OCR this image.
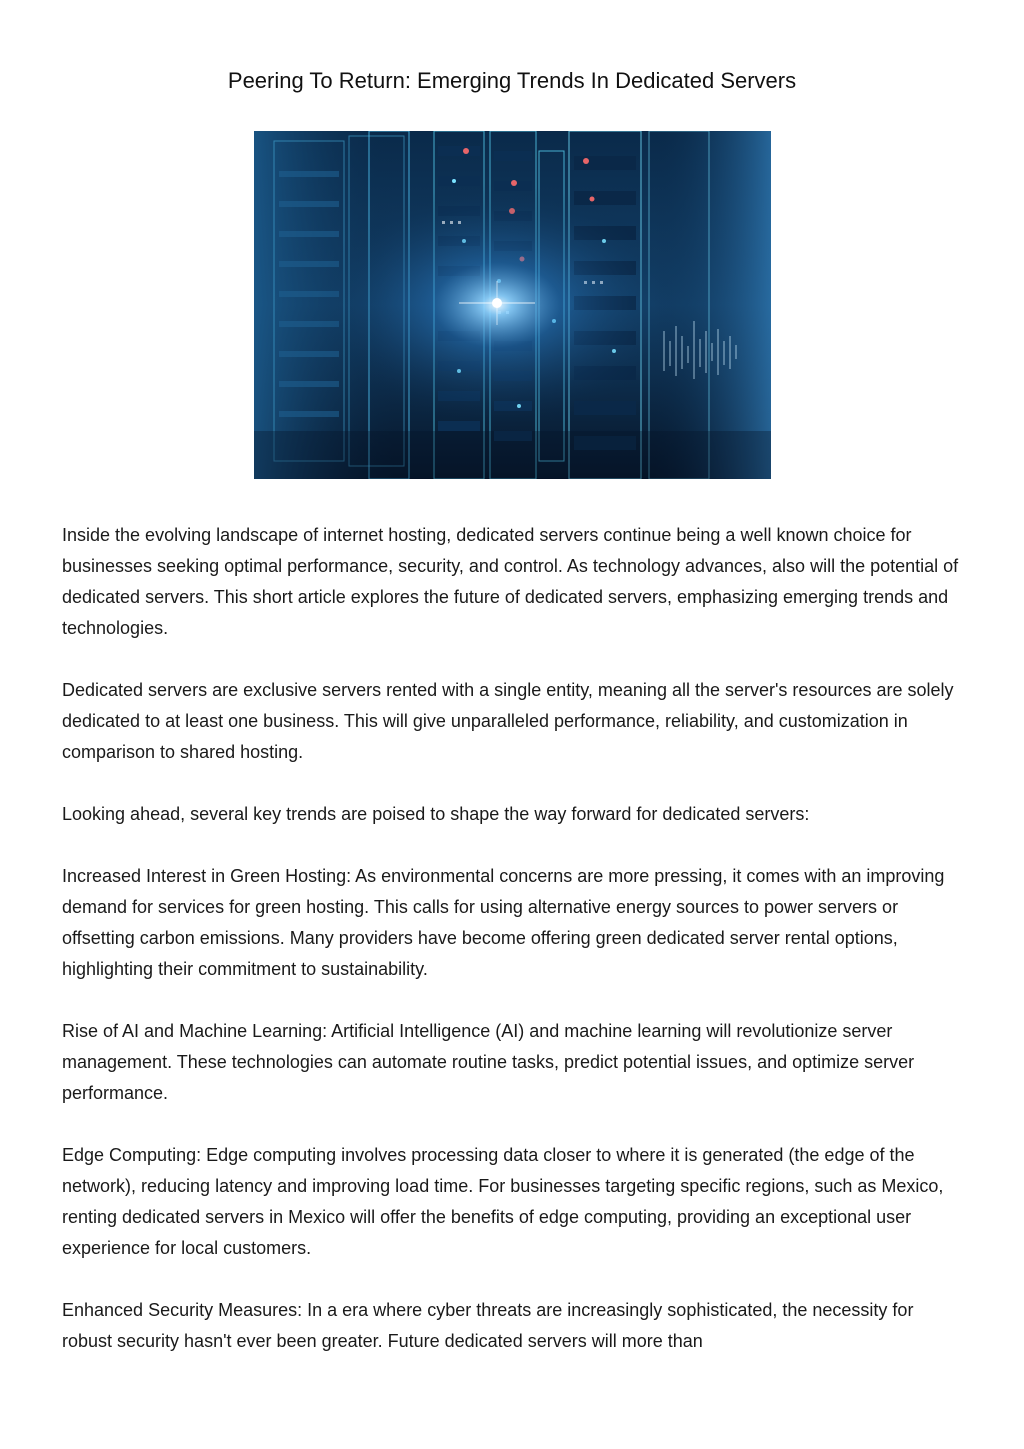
Peering To Return: Emerging Trends In Dedicated Servers

Inside the evolving landscape of internet hosting, dedicated servers continue being a well known choice for businesses seeking optimal performance, security, and control. As technology advances, also will the potential of dedicated servers. This short article explores the future of dedicated servers, emphasizing emerging trends and technologies.

Dedicated servers are exclusive servers rented with a single entity, meaning all the server's resources are solely dedicated to at least one business. This will give unparalleled performance, reliability, and customization in comparison to shared hosting.

Looking ahead, several key trends are poised to shape the way forward for dedicated servers:

Increased Interest in Green Hosting: As environmental concerns are more pressing, it comes with an improving demand for services for green hosting. This calls for using alternative energy sources to power servers or offsetting carbon emissions. Many providers have become offering green dedicated server rental options, highlighting their commitment to sustainability.

Rise of AI and Machine Learning: Artificial Intelligence (AI) and machine learning will revolutionize server management. These technologies can automate routine tasks, predict potential issues, and optimize server performance.

Edge Computing: Edge computing involves processing data closer to where it is generated (the edge of the network), reducing latency and improving load time. For businesses targeting specific regions, such as Mexico, renting dedicated servers in Mexico will offer the benefits of edge computing, providing an exceptional user experience for local customers.

Enhanced Security Measures: In a era where cyber threats are increasingly sophisticated, the necessity for robust security hasn't ever been greater. Future dedicated servers will more than
